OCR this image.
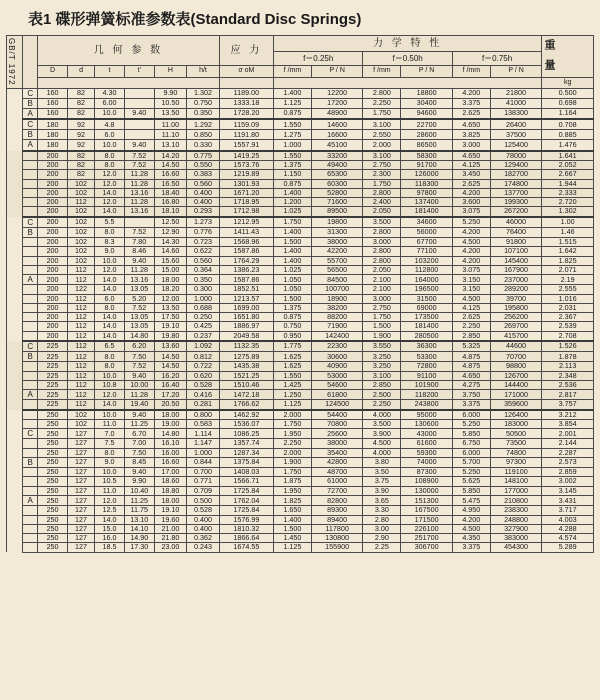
表1 碟形弹簧标准参数表(Standard Disc Springs)
GB/T 1972		几 何 参 数						应 力	力 学 特 性						重 量

									f＝0.25h		f＝0.50h		f＝0.75h		
		D	d	t	t'	H	h/t	σ oM	f /mm	P / N	f /mm	P / N	f /mm	P / N	
															kg
	C	160	82	4.30		9.90	1.302	1189.00	1.400	12200	2.800	18800	4.200	21800	0.500
	B	160	82	6.00		10.50	0.750	1333.18	1.125	17200	2.250	30400	3.375	41000	0.698
	A	160	82	10.0	9.40	13.50	0.350	1728.20	0.875	48900	1.750	94600	2.625	138300	1.164
	C	180	92	4.8		11.00	1.292	1159.09	1.550	14600	3.100	22700	4.650	26400	0.708
	B	180	92	6.0		11.10	0.850	1191.80	1.275	16600	2.550	28600	3.825	37500	0.885
	A	180	92	10.0	9.40	13.10	0.330	1557.91	1.000	45100	2.000	86500	3.000	125400	1.476
		200	82	8.0	7.52	14.20	0.775	1419.25	1.550	33200	3.100	58300	4.650	78000	1.641
		200	82	8.0	7.52	14.50	0.550	1573.76	1.375	49400	2.750	91700	4.125	129400	2.052
		200	82	12.0	11.28	16.60	0.383	1219.89	1.150	65300	2.300	126000	3.450	182700	2.667
		200	102	12.0	11.28	16.50	0.560	1301.93	0.875	60300	1.750	118300	2.625	174800	1.944
		200	102	14.0	13.16	18.40	0.400	1671.20	1.400	52800	2.800	97800	4.200	137700	2.333
		200	112	12.0	11.28	16.80	0.400	1718.95	1.200	71600	2.400	137400	3.600	199300	2.720
		200	102	14.0	13.16	18.10	0.293	1712.98	1.025	89500	2.050	181400	3.075	267200	1.302
	C	200	102	5.5		12.50	1.273	1212.95	1.750	19800	3.500	34600	5.250	46000	1.00
	B	200	102	8.0	7.52	12.90	0.776	1411.43	1.400	31300	2.800	56000	4.200	76400	1.46
		200	102	8.3	7.80	14.30	0.723	1568.96	1.500	38000	3.000	67700	4.500	91800	1.515
		200	102	9.0	8.46	14.60	0.622	1587.86	1.400	42200	2.800	77100	4.200	107100	1.642
		200	102	10.0	9.40	15.60	0.560	1764.29	1.400	55700	2.800	103200	4.200	145400	1.825
		200	112	12.0	11.28	15.00	0.364	1386.23	1.025	56500	2.050	112800	3.075	167900	2.071
	A	200	112	14.0	13.16	18.00	0.350	1587.86	1.050	84500	2.100	164000	3.150	237000	2.19
		200	122	14.0	13.05	18.20	0.300	1852.51	1.050	100700	2.100	196500	3.150	289200	2.555
		200	112	6.0	5.20	12.00	1.000	1213.57	1.500	18900	3.000	31500	4.500	39700	1.016
		200	112	8.0	7.52	13.50	0.688	1699.00	1.375	38200	2.750	69000	4.125	195800	2.031
		200	112	14.0	13.05	17.50	0.250	1651.80	0.875	88200	1.750	173500	2.625	256200	2.367
		200	112	14.0	13.05	19.10	0.425	1886.97	0.750	71900	1.500	181400	2.250	269700	2.539
		200	112	14.0	14.80	19.80	0.237	2049.58	0.950	142400	1.900	280500	2.850	415700	2.708
	C	225	112	6.5	6.20	13.60	1.092	1132.35	1.775	22300	3.550	36300	5.325	44600	1.526
	B	225	112	8.0	7.50	14.50	0.812	1275.89	1.625	30600	3.250	53300	4.875	70700	1.878
		225	112	8.0	7.52	14.50	0.722	1435.38	1.625	40900	3.250	72800	4.875	98800	2.113
		225	112	10.0	9.40	16.20	0.620	1521.25	1.550	53000	3.100	91100	4.650	126700	2.348
		225	112	10.8	10.00	16.40	0.528	1510.46	1.425	54600	2.850	101900	4.275	144400	2.536
	A	225	112	12.0	11.28	17.20	0.416	1472.18	1.250	61800	2.500	118200	3.750	171000	2.817
		225	112	14.0	19.40	20.50	0.281	1766.62	1.125	124500	2.250	243800	3.375	359600	3.757
		250	102	10.0	9.40	18.00	0.800	1462.92	2.000	54400	4.000	95000	6.000	126400	3.212
		250	102	11.0	11.25	19.00	0.583	1536.07	1.750	70800	3.500	130600	5.250	183000	3.854
	C	250	127	7.0	6.70	14.80	1.114	1086.25	1.950	25600	3.900	43000	5.850	50500	2.001
		250	127	7.5	7.00	16.10	1.147	1357.74	2.250	38000	4.500	61600	6.750	73500	2.144
		250	127	8.0	7.50	16.00	1.000	1287.34	2.000	35400	4.000	59300	6.000	74800	2.287
	B	250	127	9.0	8.45	16.60	0.844	1375.84	1.900	42800	3.80	74000	5.700	97300	2.573
		250	127	10.0	9.40	17.00	0.700	1408.03	1.750	48700	3.50	87300	5.250	119100	2.859
		250	127	10.5	9.90	18.60	0.771	1566.71	1.875	61000	3.75	108900	5.625	148100	3.002
		250	127	11.0	10.40	18.80	0.709	1725.84	1.950	72700	3.90	130000	5.850	177000	3.145
	A	250	127	12.0	11.25	18.00	0.500	1762.04	1.825	82800	3.65	151300	5.475	210800	3.431
		250	127	12.5	11.75	19.10	0.528	1725.84	1.650	89300	3.30	167500	4.950	238300	3.717
		250	127	14.0	13.10	19.60	0.400	1576.99	1.400	89400	2.80	171500	4.200	248800	4.003
		250	127	15.0	14.10	21.00	0.400	1810.32	1.500	117800	3.00	226100	4.500	327900	4.288
		250	127	16.0	14.90	21.80	0.362	1866.64	1.450	130800	2.90	251700	4.350	383000	4.574
		250	127	18.5	17.30	23.00	0.243	1674.55	1.125	155900	2.25	306700	3.375	454300	5.289
